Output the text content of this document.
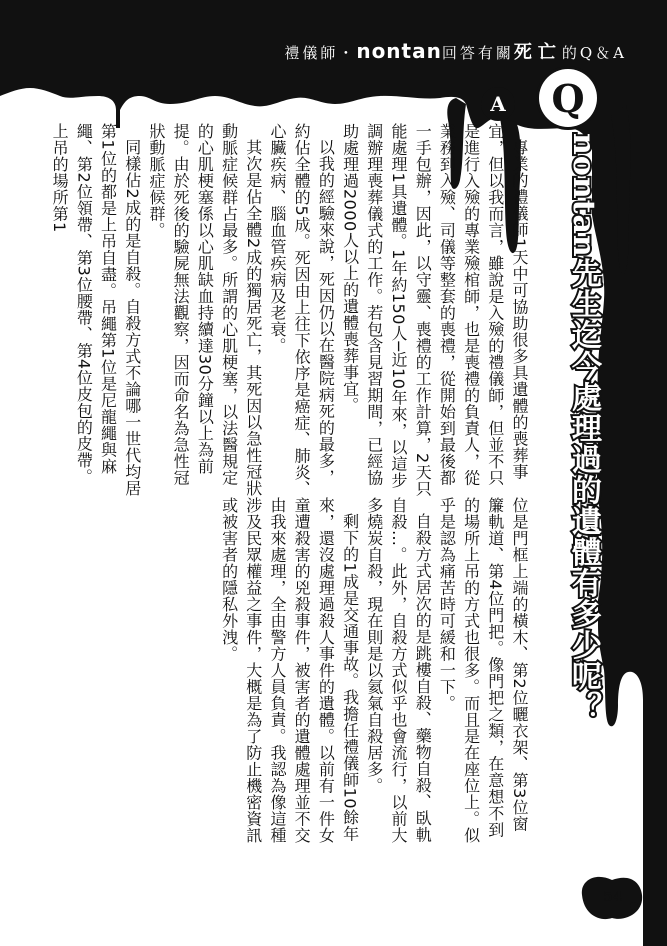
禮儀師・nontan回答有關死亡的Q＆A
Q
A
nontan先生迄今處理過的遺體有多少呢？

專業的禮儀師1天中可協助很多具遺體的喪葬事宜，但以我而言，雖說是入殮的禮儀師，但並不只是進行入殮的專業殮棺師，也是喪禮的負責人，從業務到入殮、司儀等整套的喪禮，從開始到最後都一手包辦，因此，以守靈、喪禮的工作計算，2天只能處理1具遺體。1年約150人─近10年來，以這步調辦理喪葬儀式的工作。若包含見習期間，已經協助處理過2000人以上的遺體喪葬事宜。

以我的經驗來說，死因仍以在醫院病死的最多，約佔全體的5成。死因由上往下依序是癌症、肺炎、心臟疾病、腦血管疾病及老衰。

其次是佔全體2成的獨居死亡，其死因以急性冠狀動脈症候群占最多。所謂的心肌梗塞，以法醫規定的心肌梗塞係以心肌缺血持續達30分鐘以上為前提。由於死後的驗屍無法觀察，因而命名為急性冠狀動脈症候群。

同樣佔2成的是自殺。自殺方式不論哪一世代均居第1位的都是上吊自盡。吊繩第1位是尼龍繩與麻繩、第2位領帶、第3位腰帶、第4位皮包的皮帶。上吊的場所第1

位是門框上端的橫木、第2位曬衣架、第3位窗簾軌道、第4位門把。像門把之類，在意想不到的場所上吊的方式也很多。而且是在座位上。似乎是認為痛苦時可緩和一下。

自殺方式居次的是跳樓自殺、藥物自殺、臥軌自殺…。此外，自殺方式似乎也會流行，以前大多燒炭自殺，現在則是以氦氣自殺居多。

剩下的1成是交通事故。我擔任禮儀師10餘年來，還沒處理過殺人事件的遺體。以前有一件女童遭殺害的兇殺事件，被害者的遺體處理並不交由我來處理，全由警方人員負責。我認為像這種涉及民眾權益之事件，大概是為了防止機密資訊或被害者的隱私外洩。

54
